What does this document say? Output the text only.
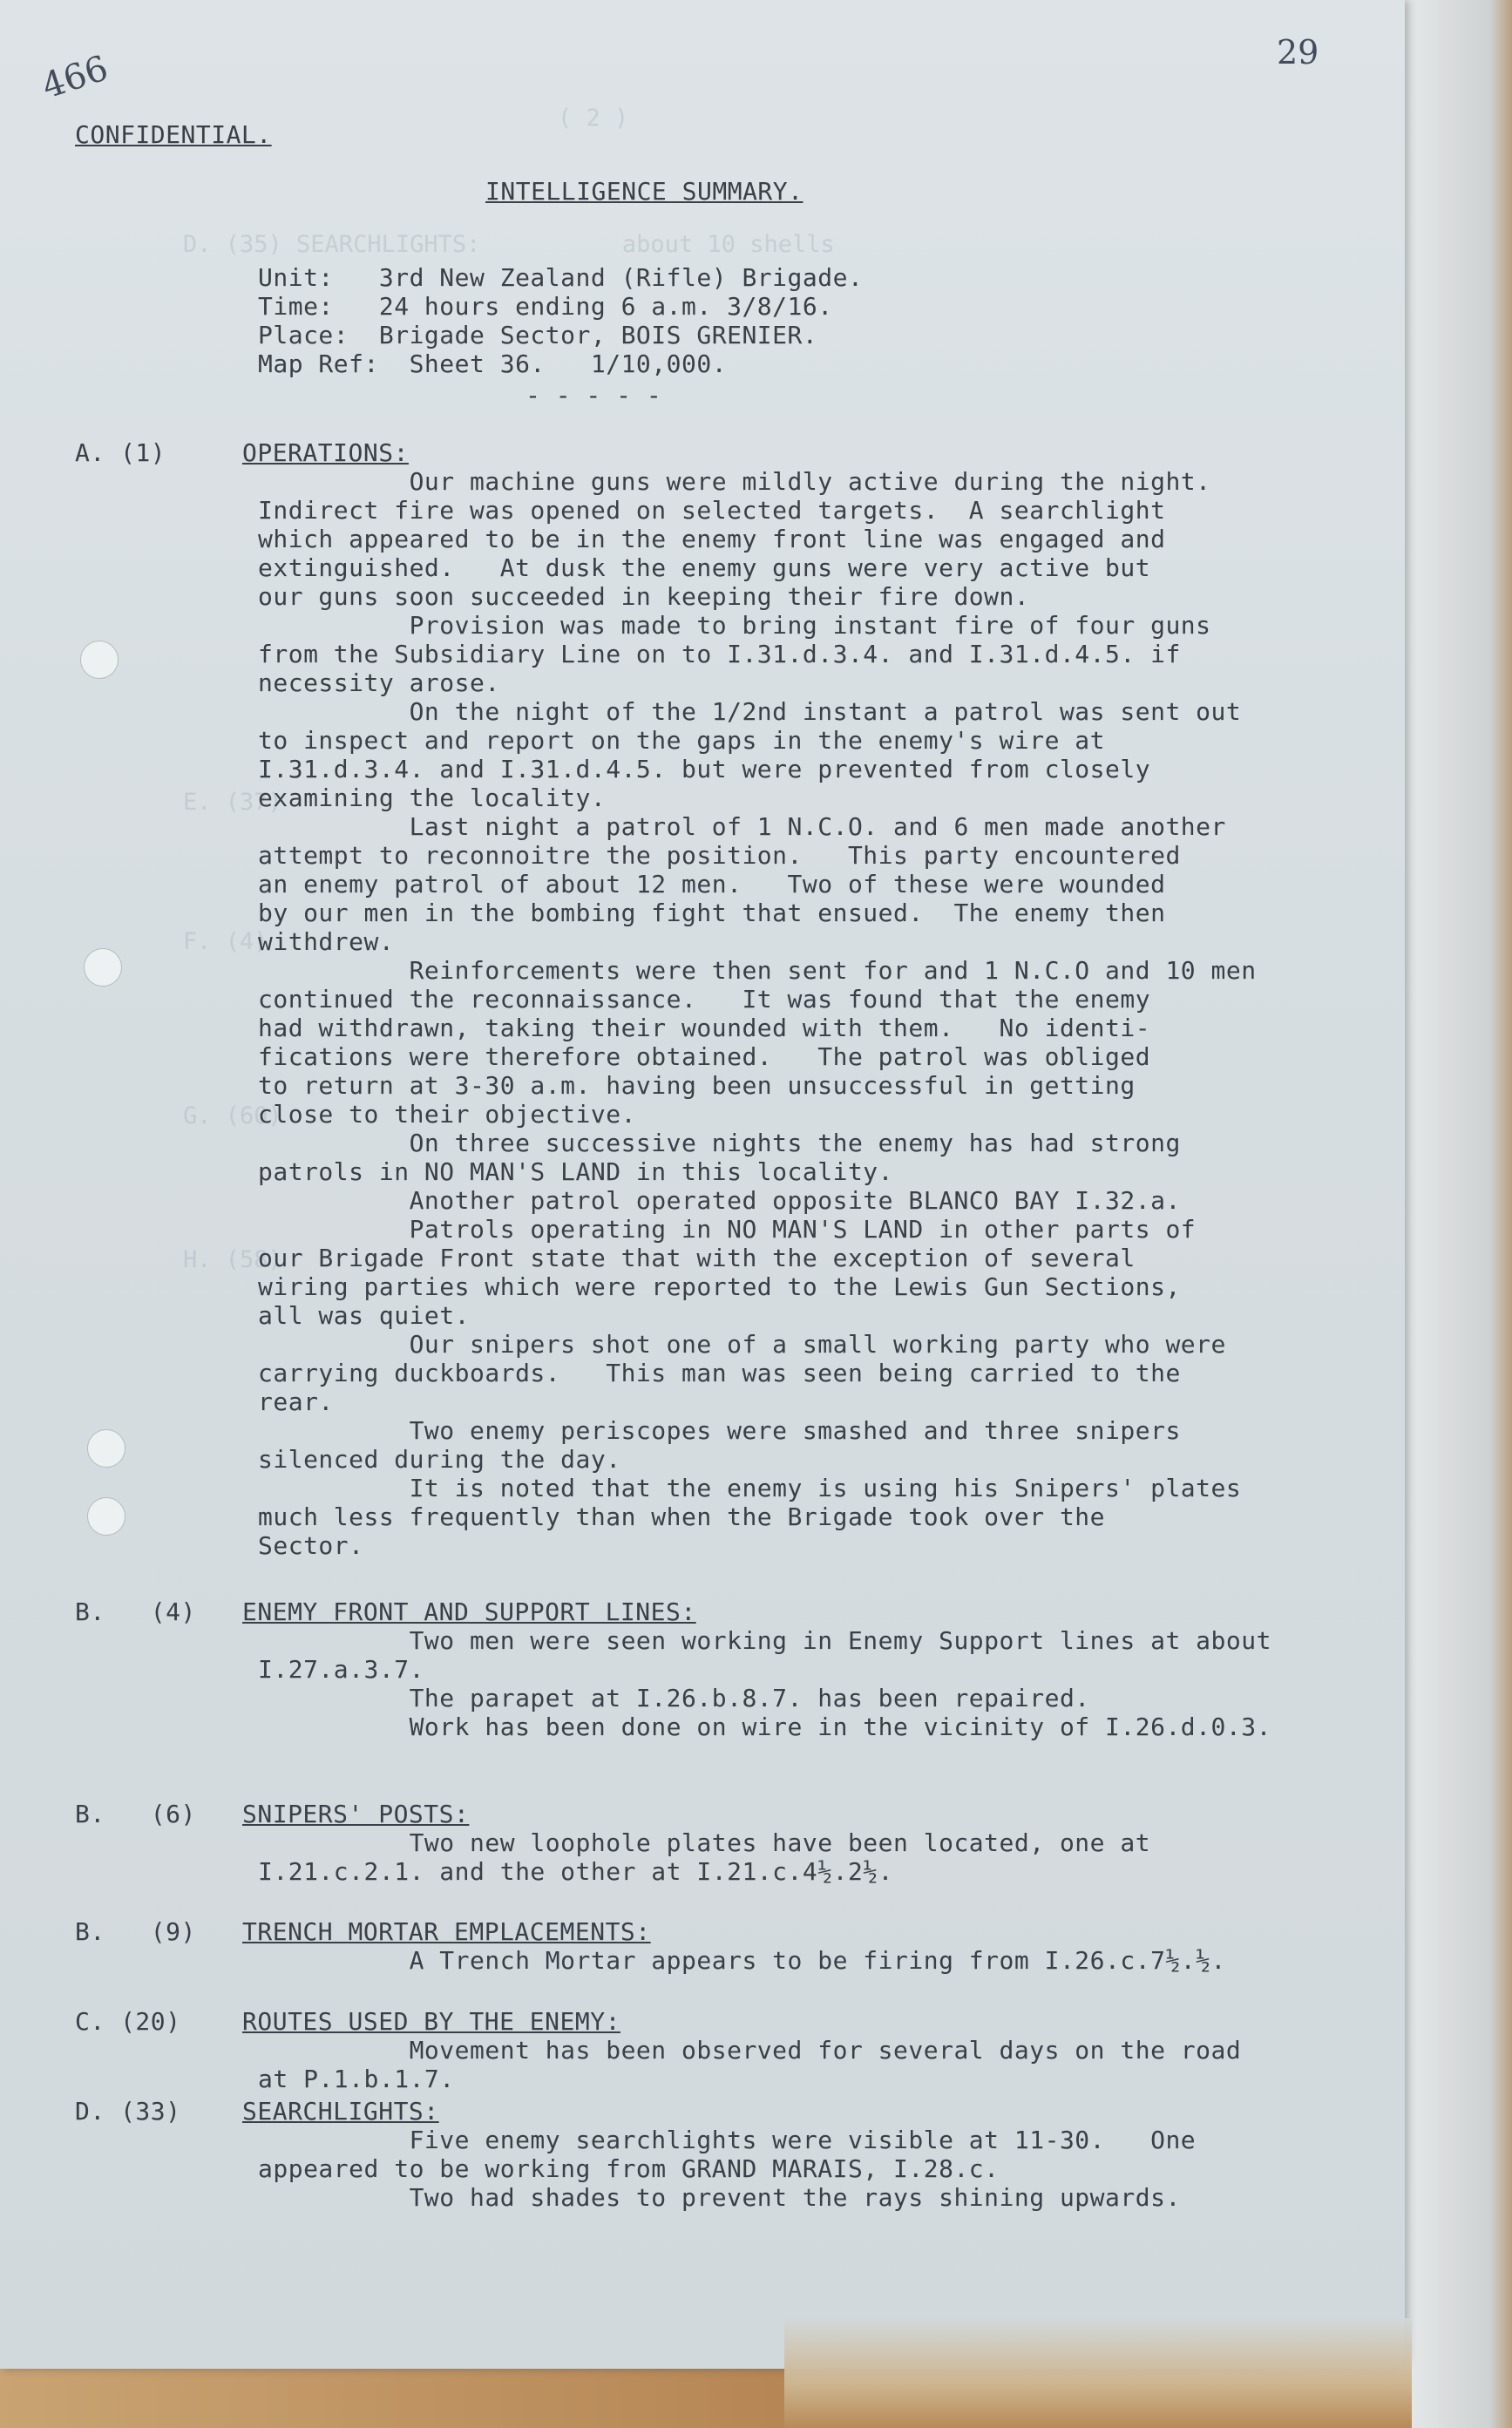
( 2 )
D. (35) SEARCHLIGHTS:          about 10 shells
E. (37)
F. (4)
G. (60)
H. (58)
466	29
CONFIDENTIAL.
INTELLIGENCE SUMMARY.
Unit:   3rd New Zealand (Rifle) Brigade.
Time:   24 hours ending 6 a.m. 3/8/16.
Place:  Brigade Sector, BOIS GRENIER.
Map Ref:  Sheet 36.   1/10,000.
- - - - -
A. (1)	OPERATIONS:
Our machine guns were mildly active during the night.
Indirect fire was opened on selected targets.  A searchlight
which appeared to be in the enemy front line was engaged and
extinguished.   At dusk the enemy guns were very active but
our guns soon succeeded in keeping their fire down.
Provision was made to bring instant fire of four guns
from the Subsidiary Line on to I.31.d.3.4. and I.31.d.4.5. if
necessity arose.
On the night of the 1/2nd instant a patrol was sent out
to inspect and report on the gaps in the enemy's wire at
I.31.d.3.4. and I.31.d.4.5. but were prevented from closely
examining the locality.
Last night a patrol of 1 N.C.O. and 6 men made another
attempt to reconnoitre the position.   This party encountered
an enemy patrol of about 12 men.   Two of these were wounded
by our men in the bombing fight that ensued.  The enemy then
withdrew.
Reinforcements were then sent for and 1 N.C.O and 10 men
continued the reconnaissance.   It was found that the enemy
had withdrawn, taking their wounded with them.   No identi-
fications were therefore obtained.   The patrol was obliged
to return at 3-30 a.m. having been unsuccessful in getting
close to their objective.
On three successive nights the enemy has had strong
patrols in NO MAN'S LAND in this locality.
Another patrol operated opposite BLANCO BAY I.32.a.
Patrols operating in NO MAN'S LAND in other parts of
our Brigade Front state that with the exception of several
wiring parties which were reported to the Lewis Gun Sections,
all was quiet.
Our snipers shot one of a small working party who were
carrying duckboards.   This man was seen being carried to the
rear.
Two enemy periscopes were smashed and three snipers
silenced during the day.
It is noted that the enemy is using his Snipers' plates
much less frequently than when the Brigade took over the
Sector.
B.   (4) ENEMY FRONT AND SUPPORT LINES:
Two men were seen working in Enemy Support lines at about
I.27.a.3.7.
The parapet at I.26.b.8.7. has been repaired.
Work has been done on wire in the vicinity of I.26.d.0.3.
B.   (6) SNIPERS' POSTS:
Two new loophole plates have been located, one at
I.21.c.2.1. and the other at I.21.c.4½.2½.
B.   (9) TRENCH MORTAR EMPLACEMENTS:
A Trench Mortar appears to be firing from I.26.c.7½.½.
C. (20)	ROUTES USED BY THE ENEMY:
Movement has been observed for several days on the road
at P.1.b.1.7.
D. (33)	SEARCHLIGHTS:
Five enemy searchlights were visible at 11-30.   One
appeared to be working from GRAND MARAIS, I.28.c.
Two had shades to prevent the rays shining upwards.
